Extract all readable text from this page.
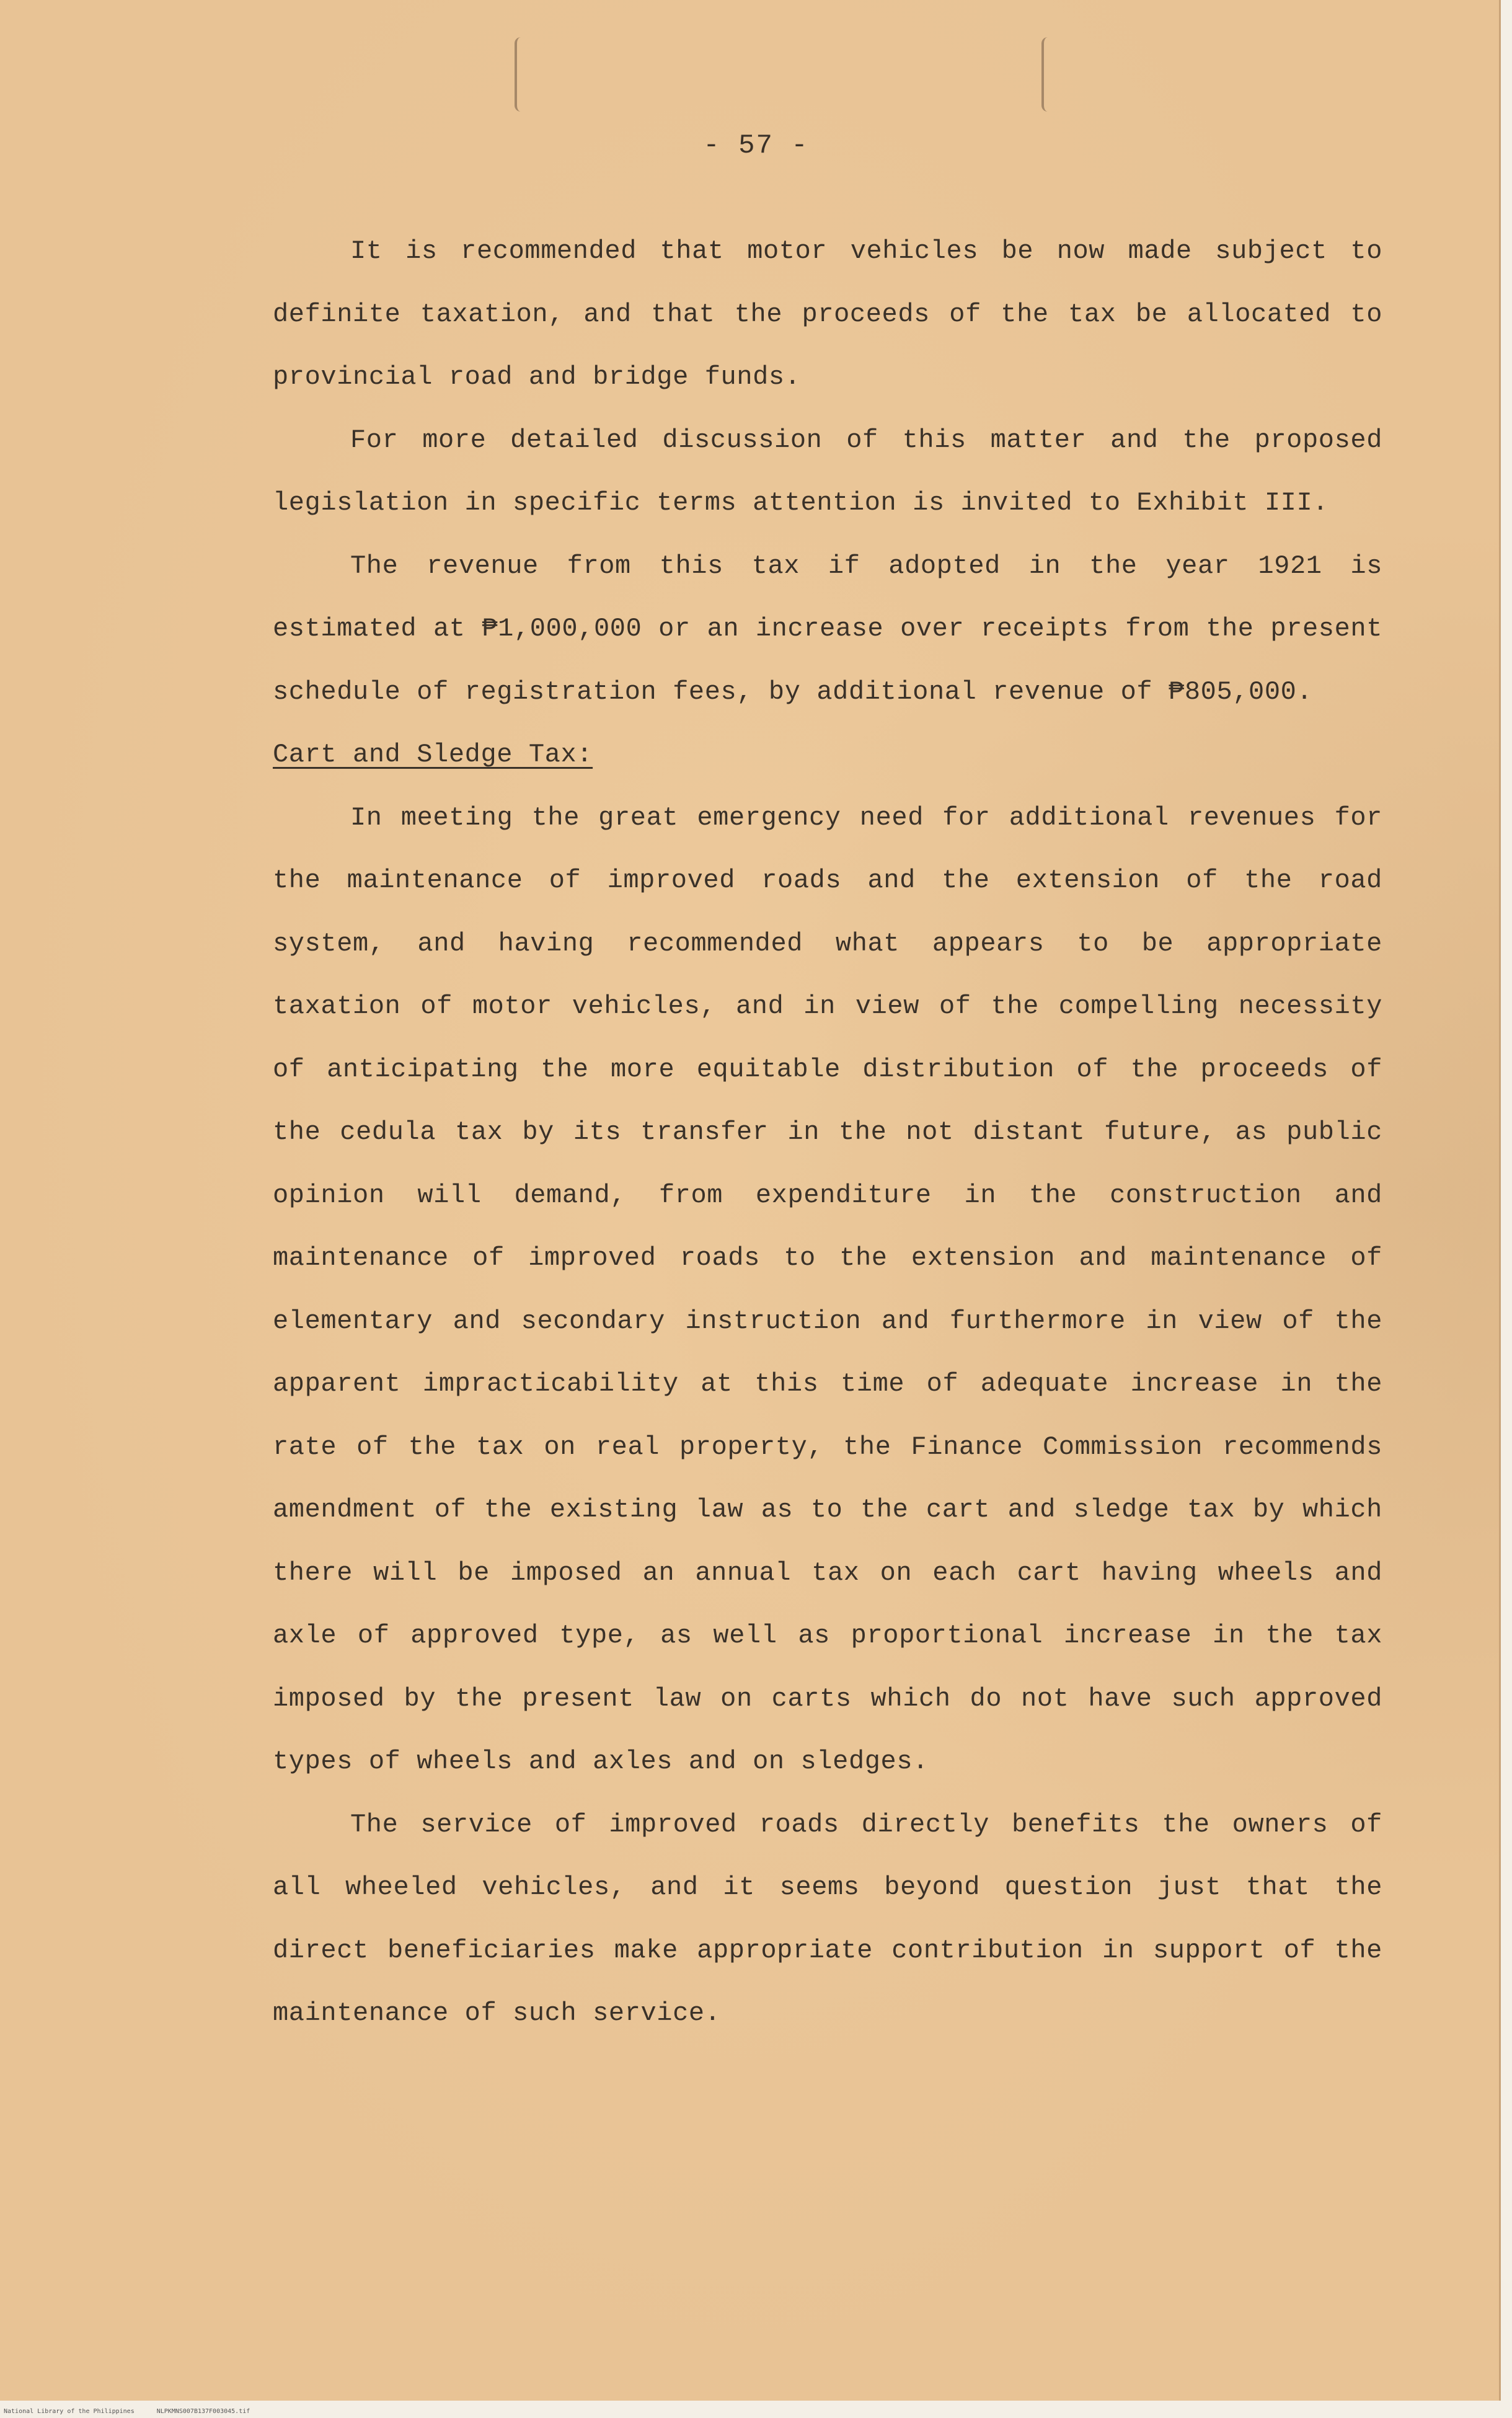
- 57 -

It is recommended that motor vehicles be now made subject to definite taxation, and that the proceeds of the tax be allocated to provincial road and bridge funds.

For more detailed discussion of this matter and the proposed legislation in specific terms attention is invited to Exhibit III.

The revenue from this tax if adopted in the year 1921 is estimated at ₱1,000,000 or an increase over receipts from the present schedule of registration fees, by additional revenue of ₱805,000.

Cart and Sledge Tax:

In meeting the great emergency need for additional revenues for the maintenance of improved roads and the extension of the road system, and having recommended what appears to be appropriate taxation of motor vehicles, and in view of the compelling necessity of anticipating the more equitable distribution of the proceeds of the cedula tax by its transfer in the not distant future, as public opinion will demand, from expenditure in the construction and maintenance of improved roads to the extension and maintenance of elementary and secondary instruction and furthermore in view of the apparent impracticability at this time of adequate increase in the rate of the tax on real property, the Finance Commission recommends amendment of the existing law as to the cart and sledge tax by which there will be imposed an annual tax on each cart having wheels and axle of approved type, as well as proportional increase in the tax imposed by the present law on carts which do not have such approved types of wheels and axles and on sledges.

The service of improved roads directly benefits the owners of all wheeled vehicles, and it seems beyond question just that the direct beneficiaries make appropriate contribution in support of the maintenance of such service.

National Library of the Philippines	NLPKMNS007B137F003045.tif
